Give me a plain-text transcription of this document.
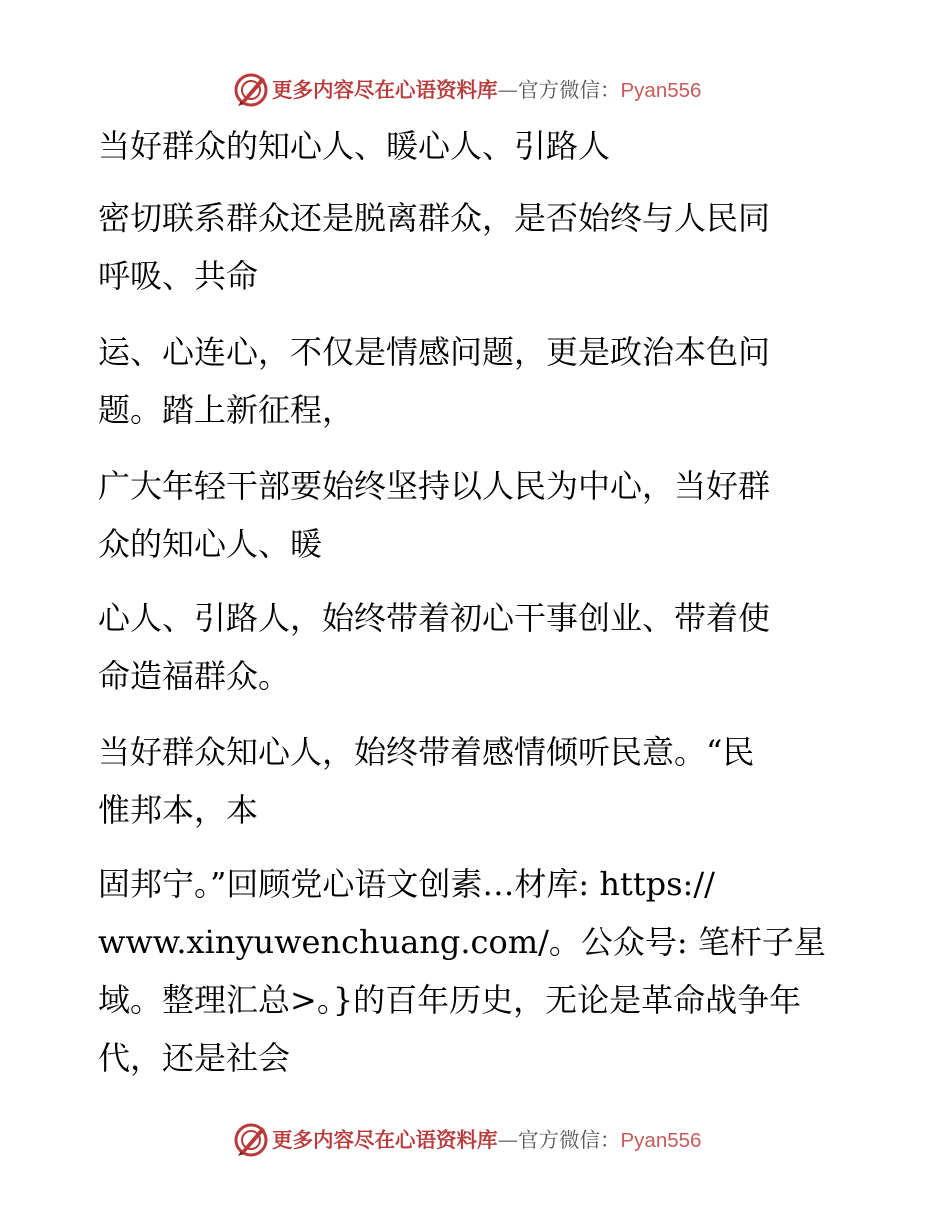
更多内容尽在心语资料库—官方微信：Pyan556
当好群众的知心人、暖心人、引路人
密切联系群众还是脱离群众，是否始终与人民同
呼吸、共命
运、心连心，不仅是情感问题，更是政治本色问
题。踏上新征程，
广大年轻干部要始终坚持以人民为中心，当好群
众的知心人、暖
心人、引路人，始终带着初心干事创业、带着使
命造福群众。
当好群众知心人，始终带着感情倾听民意。“民
惟邦本，本
固邦宁。”回顾党心语文创素…材库: https://
www.xinyuwenchuang.com/。公众号: 笔杆子星
域。整理汇总>。}的百年历史，无论是革命战争年
代，还是社会
更多内容尽在心语资料库—官方微信：Pyan556
